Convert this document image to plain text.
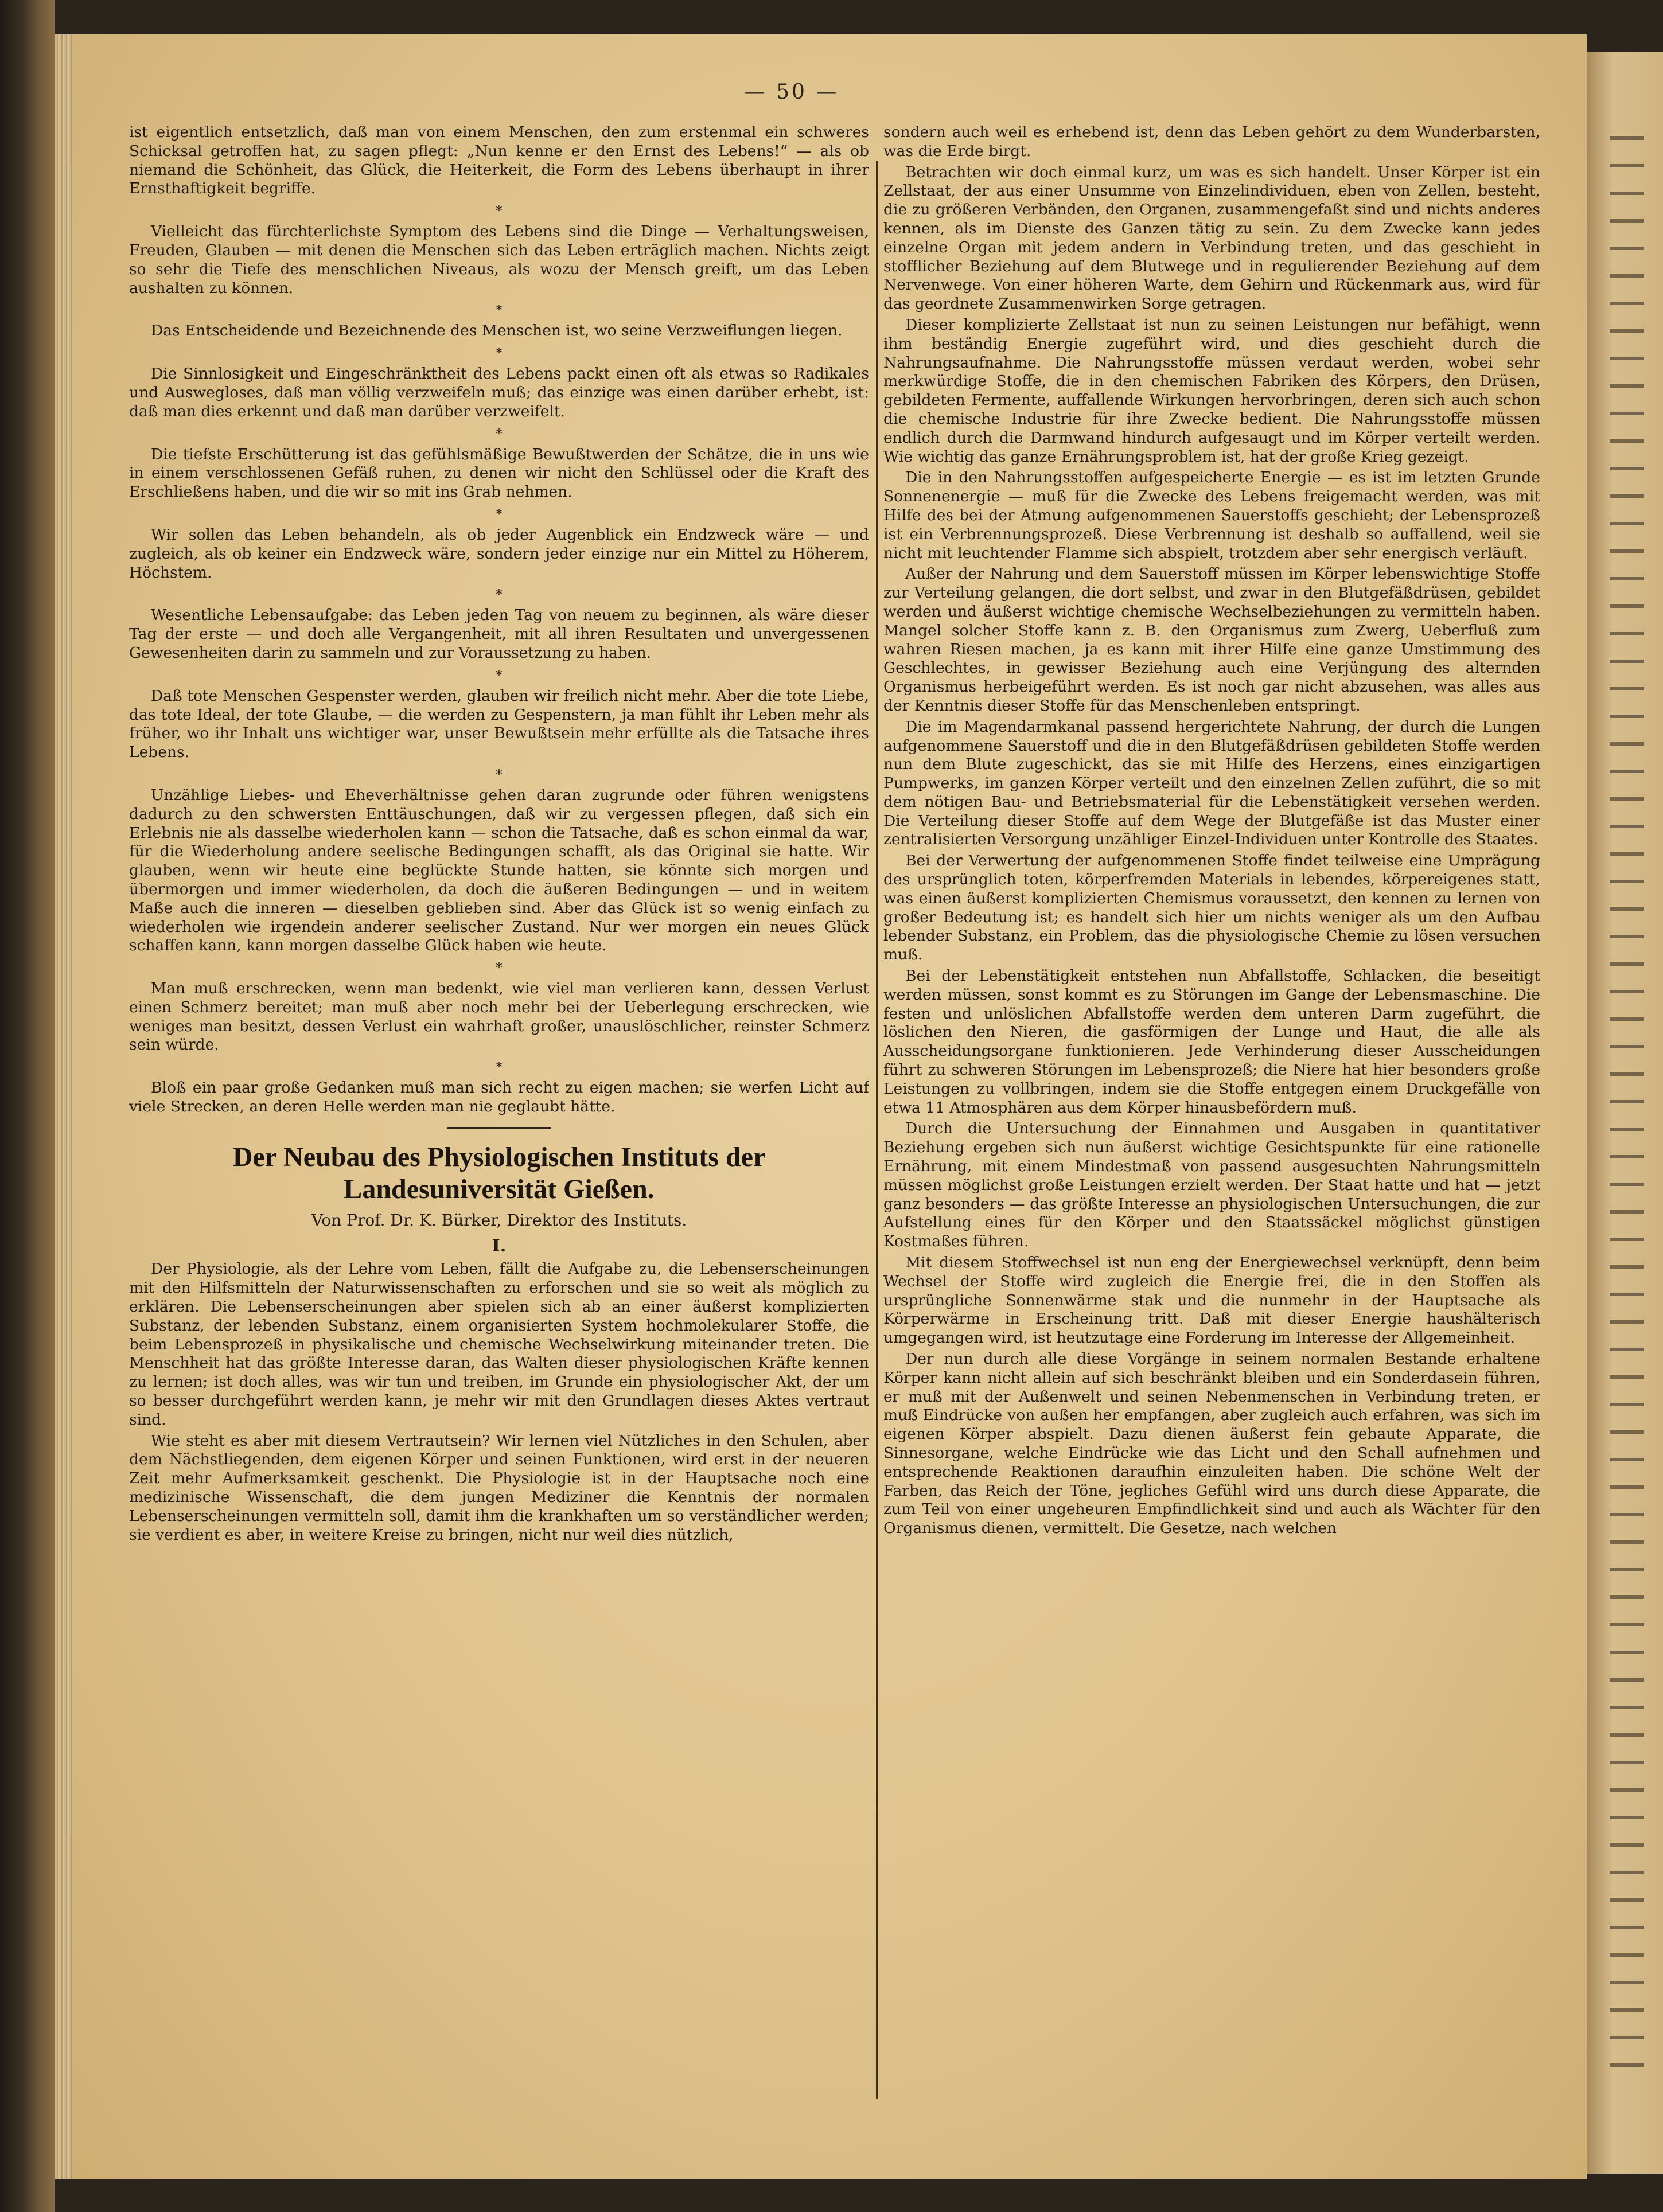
— 50 —

ist eigentlich entsetzlich, daß man von einem Menschen, den zum erstenmal ein schweres Schicksal getroffen hat, zu sagen pflegt: „Nun kenne er den Ernst des Lebens!“ — als ob niemand die Schönheit, das Glück, die Heiterkeit, die Form des Lebens überhaupt in ihrer Ernsthaftigkeit begriffe.

*

Vielleicht das fürchterlichste Symptom des Lebens sind die Dinge — Verhaltungsweisen, Freuden, Glauben — mit denen die Menschen sich das Leben erträglich machen. Nichts zeigt so sehr die Tiefe des menschlichen Niveaus, als wozu der Mensch greift, um das Leben aushalten zu können.

*

Das Entscheidende und Bezeichnende des Menschen ist, wo seine Verzweiflungen liegen.

*

Die Sinnlosigkeit und Eingeschränktheit des Lebens packt einen oft als etwas so Radikales und Auswegloses, daß man völlig verzweifeln muß; das einzige was einen darüber erhebt, ist: daß man dies erkennt und daß man darüber verzweifelt.

*

Die tiefste Erschütterung ist das gefühlsmäßige Bewußtwerden der Schätze, die in uns wie in einem verschlossenen Gefäß ruhen, zu denen wir nicht den Schlüssel oder die Kraft des Erschließens haben, und die wir so mit ins Grab nehmen.

*

Wir sollen das Leben behandeln, als ob jeder Augenblick ein Endzweck wäre — und zugleich, als ob keiner ein Endzweck wäre, sondern jeder einzige nur ein Mittel zu Höherem, Höchstem.

*

Wesentliche Lebensaufgabe: das Leben jeden Tag von neuem zu beginnen, als wäre dieser Tag der erste — und doch alle Vergangenheit, mit all ihren Resultaten und unvergessenen Gewesenheiten darin zu sammeln und zur Voraussetzung zu haben.

*

Daß tote Menschen Gespenster werden, glauben wir freilich nicht mehr. Aber die tote Liebe, das tote Ideal, der tote Glaube, — die werden zu Gespenstern, ja man fühlt ihr Leben mehr als früher, wo ihr Inhalt uns wichtiger war, unser Bewußtsein mehr erfüllte als die Tatsache ihres Lebens.

*

Unzählige Liebes- und Eheverhältnisse gehen daran zugrunde oder führen wenigstens dadurch zu den schwersten Enttäuschungen, daß wir zu vergessen pflegen, daß sich ein Erlebnis nie als dasselbe wiederholen kann — schon die Tatsache, daß es schon einmal da war, für die Wiederholung andere seelische Bedingungen schafft, als das Original sie hatte. Wir glauben, wenn wir heute eine beglückte Stunde hatten, sie könnte sich morgen und übermorgen und immer wiederholen, da doch die äußeren Bedingungen — und in weitem Maße auch die inneren — dieselben geblieben sind. Aber das Glück ist so wenig einfach zu wiederholen wie irgendein anderer seelischer Zustand. Nur wer morgen ein neues Glück schaffen kann, kann morgen dasselbe Glück haben wie heute.

*

Man muß erschrecken, wenn man bedenkt, wie viel man verlieren kann, dessen Verlust einen Schmerz bereitet; man muß aber noch mehr bei der Ueberlegung erschrecken, wie weniges man besitzt, dessen Verlust ein wahrhaft großer, unauslöschlicher, reinster Schmerz sein würde.

*

Bloß ein paar große Gedanken muß man sich recht zu eigen machen; sie werfen Licht auf viele Strecken, an deren Helle werden man nie geglaubt hätte.

Der Neubau des Physiologischen Instituts der Landesuniversität Gießen.
Von Prof. Dr. K. Bürker, Direktor des Instituts.
I.

Der Physiologie, als der Lehre vom Leben, fällt die Aufgabe zu, die Lebenserscheinungen mit den Hilfsmitteln der Naturwissenschaften zu erforschen und sie so weit als möglich zu erklären. Die Lebenserscheinungen aber spielen sich ab an einer äußerst komplizierten Substanz, der lebenden Substanz, einem organisierten System hochmolekularer Stoffe, die beim Lebensprozeß in physikalische und chemische Wechselwirkung miteinander treten. Die Menschheit hat das größte Interesse daran, das Walten dieser physiologischen Kräfte kennen zu lernen; ist doch alles, was wir tun und treiben, im Grunde ein physiologischer Akt, der um so besser durchgeführt werden kann, je mehr wir mit den Grundlagen dieses Aktes vertraut sind.

Wie steht es aber mit diesem Vertrautsein? Wir lernen viel Nützliches in den Schulen, aber dem Nächstliegenden, dem eigenen Körper und seinen Funktionen, wird erst in der neueren Zeit mehr Aufmerksamkeit geschenkt. Die Physiologie ist in der Hauptsache noch eine medizinische Wissenschaft, die dem jungen Mediziner die Kenntnis der normalen Lebenserscheinungen vermitteln soll, damit ihm die krankhaften um so verständlicher werden; sie verdient es aber, in weitere Kreise zu bringen, nicht nur weil dies nützlich,

sondern auch weil es erhebend ist, denn das Leben gehört zu dem Wunderbarsten, was die Erde birgt.

Betrachten wir doch einmal kurz, um was es sich handelt. Unser Körper ist ein Zellstaat, der aus einer Unsumme von Einzelindividuen, eben von Zellen, besteht, die zu größeren Verbänden, den Organen, zusammengefaßt sind und nichts anderes kennen, als im Dienste des Ganzen tätig zu sein. Zu dem Zwecke kann jedes einzelne Organ mit jedem andern in Verbindung treten, und das geschieht in stofflicher Beziehung auf dem Blutwege und in regulierender Beziehung auf dem Nervenwege. Von einer höheren Warte, dem Gehirn und Rückenmark aus, wird für das geordnete Zusammenwirken Sorge getragen.

Dieser komplizierte Zellstaat ist nun zu seinen Leistungen nur befähigt, wenn ihm beständig Energie zugeführt wird, und dies geschieht durch die Nahrungsaufnahme. Die Nahrungsstoffe müssen verdaut werden, wobei sehr merkwürdige Stoffe, die in den chemischen Fabriken des Körpers, den Drüsen, gebildeten Fermente, auffallende Wirkungen hervorbringen, deren sich auch schon die chemische Industrie für ihre Zwecke bedient. Die Nahrungsstoffe müssen endlich durch die Darmwand hindurch aufgesaugt und im Körper verteilt werden. Wie wichtig das ganze Ernährungsproblem ist, hat der große Krieg gezeigt.

Die in den Nahrungsstoffen aufgespeicherte Energie — es ist im letzten Grunde Sonnenenergie — muß für die Zwecke des Lebens freigemacht werden, was mit Hilfe des bei der Atmung aufgenommenen Sauerstoffs geschieht; der Lebensprozeß ist ein Verbrennungsprozeß. Diese Verbrennung ist deshalb so auffallend, weil sie nicht mit leuchtender Flamme sich abspielt, trotzdem aber sehr energisch verläuft.

Außer der Nahrung und dem Sauerstoff müssen im Körper lebenswichtige Stoffe zur Verteilung gelangen, die dort selbst, und zwar in den Blutgefäßdrüsen, gebildet werden und äußerst wichtige chemische Wechselbeziehungen zu vermitteln haben. Mangel solcher Stoffe kann z. B. den Organismus zum Zwerg, Ueberfluß zum wahren Riesen machen, ja es kann mit ihrer Hilfe eine ganze Umstimmung des Geschlechtes, in gewisser Beziehung auch eine Verjüngung des alternden Organismus herbeigeführt werden. Es ist noch gar nicht abzusehen, was alles aus der Kenntnis dieser Stoffe für das Menschenleben entspringt.

Die im Magendarmkanal passend hergerichtete Nahrung, der durch die Lungen aufgenommene Sauerstoff und die in den Blutgefäßdrüsen gebildeten Stoffe werden nun dem Blute zugeschickt, das sie mit Hilfe des Herzens, eines einzigartigen Pumpwerks, im ganzen Körper verteilt und den einzelnen Zellen zuführt, die so mit dem nötigen Bau- und Betriebsmaterial für die Lebenstätigkeit versehen werden. Die Verteilung dieser Stoffe auf dem Wege der Blutgefäße ist das Muster einer zentralisierten Versorgung unzähliger Einzel-Individuen unter Kontrolle des Staates.

Bei der Verwertung der aufgenommenen Stoffe findet teilweise eine Umprägung des ursprünglich toten, körperfremden Materials in lebendes, körpereigenes statt, was einen äußerst komplizierten Chemismus voraussetzt, den kennen zu lernen von großer Bedeutung ist; es handelt sich hier um nichts weniger als um den Aufbau lebender Substanz, ein Problem, das die physiologische Chemie zu lösen versuchen muß.

Bei der Lebenstätigkeit entstehen nun Abfallstoffe, Schlacken, die beseitigt werden müssen, sonst kommt es zu Störungen im Gange der Lebensmaschine. Die festen und unlöslichen Abfallstoffe werden dem unteren Darm zugeführt, die löslichen den Nieren, die gasförmigen der Lunge und Haut, die alle als Ausscheidungsorgane funktionieren. Jede Verhinderung dieser Ausscheidungen führt zu schweren Störungen im Lebensprozeß; die Niere hat hier besonders große Leistungen zu vollbringen, indem sie die Stoffe entgegen einem Druckgefälle von etwa 11 Atmosphären aus dem Körper hinausbefördern muß.

Durch die Untersuchung der Einnahmen und Ausgaben in quantitativer Beziehung ergeben sich nun äußerst wichtige Gesichtspunkte für eine rationelle Ernährung, mit einem Mindestmaß von passend ausgesuchten Nahrungsmitteln müssen möglichst große Leistungen erzielt werden. Der Staat hatte und hat — jetzt ganz besonders — das größte Interesse an physiologischen Untersuchungen, die zur Aufstellung eines für den Körper und den Staatssäckel möglichst günstigen Kostmaßes führen.

Mit diesem Stoffwechsel ist nun eng der Energiewechsel verknüpft, denn beim Wechsel der Stoffe wird zugleich die Energie frei, die in den Stoffen als ursprüngliche Sonnenwärme stak und die nunmehr in der Hauptsache als Körperwärme in Erscheinung tritt. Daß mit dieser Energie haushälterisch umgegangen wird, ist heutzutage eine Forderung im Interesse der Allgemeinheit.

Der nun durch alle diese Vorgänge in seinem normalen Bestande erhaltene Körper kann nicht allein auf sich beschränkt bleiben und ein Sonderdasein führen, er muß mit der Außenwelt und seinen Nebenmenschen in Verbindung treten, er muß Eindrücke von außen her empfangen, aber zugleich auch erfahren, was sich im eigenen Körper abspielt. Dazu dienen äußerst fein gebaute Apparate, die Sinnesorgane, welche Eindrücke wie das Licht und den Schall aufnehmen und entsprechende Reaktionen daraufhin einzuleiten haben. Die schöne Welt der Farben, das Reich der Töne, jegliches Gefühl wird uns durch diese Apparate, die zum Teil von einer ungeheuren Empfindlichkeit sind und auch als Wächter für den Organismus dienen, vermittelt. Die Gesetze, nach welchen
